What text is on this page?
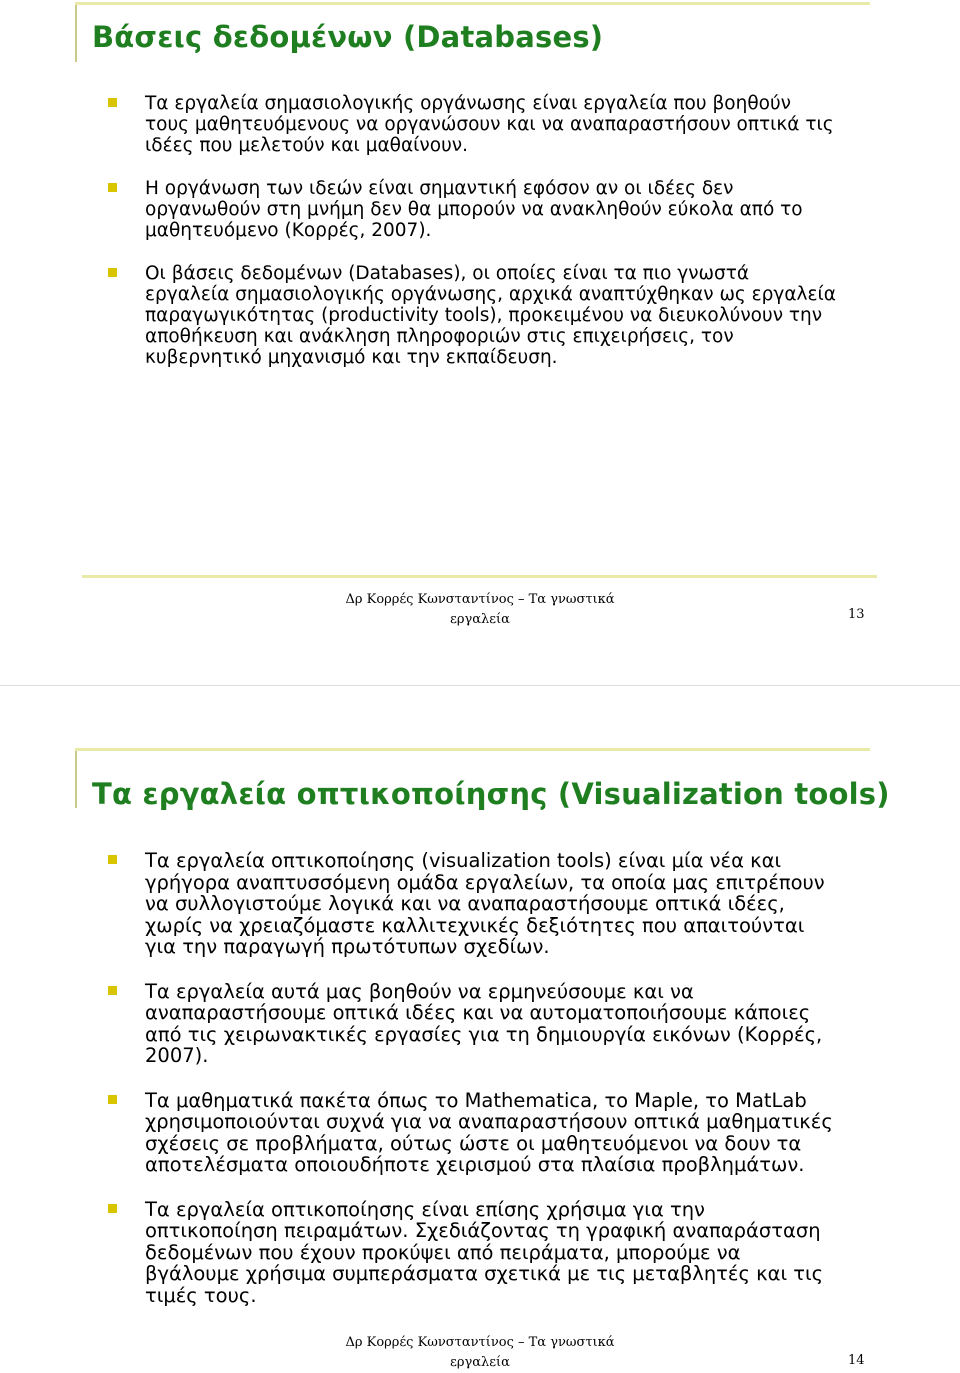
Βάσεις δεδομένων (Databases)
Τα εργαλεία σημασιολογικής οργάνωσης είναι εργαλεία που βοηθούν τους μαθητευόμενους να οργανώσουν και να αναπαραστήσουν οπτικά τις ιδέες που μελετούν και μαθαίνουν.
Η οργάνωση των ιδεών είναι σημαντική εφόσον αν οι ιδέες δεν οργανωθούν στη μνήμη δεν θα μπορούν να ανακληθούν εύκολα από το μαθητευόμενο (Κορρές, 2007).
Οι βάσεις δεδομένων (Databases), οι οποίες είναι τα πιο γνωστά εργαλεία σημασιολογικής οργάνωσης, αρχικά αναπτύχθηκαν ως εργαλεία παραγωγικότητας (productivity tools), προκειμένου να διευκολύνουν την αποθήκευση και ανάκληση πληροφοριών στις επιχειρήσεις, τον κυβερνητικό μηχανισμό και την εκπαίδευση.
Δρ Κορρές Κωνσταντίνος – Τα γνωστικά
εργαλεία	13
Τα εργαλεία οπτικοποίησης (Visualization tools)
Τα εργαλεία οπτικοποίησης (visualization tools) είναι μία νέα και γρήγορα αναπτυσσόμενη ομάδα εργαλείων, τα οποία μας επιτρέπουν να συλλογιστούμε λογικά και να αναπαραστήσουμε οπτικά ιδέες, χωρίς να χρειαζόμαστε καλλιτεχνικές δεξιότητες που απαιτούνται για την παραγωγή πρωτότυπων σχεδίων.
Τα εργαλεία αυτά μας βοηθούν να ερμηνεύσουμε και να αναπαραστήσουμε οπτικά ιδέες και να αυτοματοποιήσουμε κάποιες από τις χειρωνακτικές εργασίες για τη δημιουργία εικόνων (Κορρές, 2007).
Τα μαθηματικά πακέτα όπως το Mathematica, το Maple, το MatLab χρησιμοποιούνται συχνά για να αναπαραστήσουν οπτικά μαθηματικές σχέσεις σε προβλήματα, ούτως ώστε οι μαθητευόμενοι να δουν τα αποτελέσματα οποιουδήποτε χειρισμού στα πλαίσια προβλημάτων.
Τα εργαλεία οπτικοποίησης είναι επίσης χρήσιμα για την οπτικοποίηση πειραμάτων. Σχεδιάζοντας τη γραφική αναπαράσταση δεδομένων που έχουν προκύψει από πειράματα, μπορούμε να βγάλουμε χρήσιμα συμπεράσματα σχετικά με τις μεταβλητές και τις τιμές τους.
Δρ Κορρές Κωνσταντίνος – Τα γνωστικά
εργαλεία	14
